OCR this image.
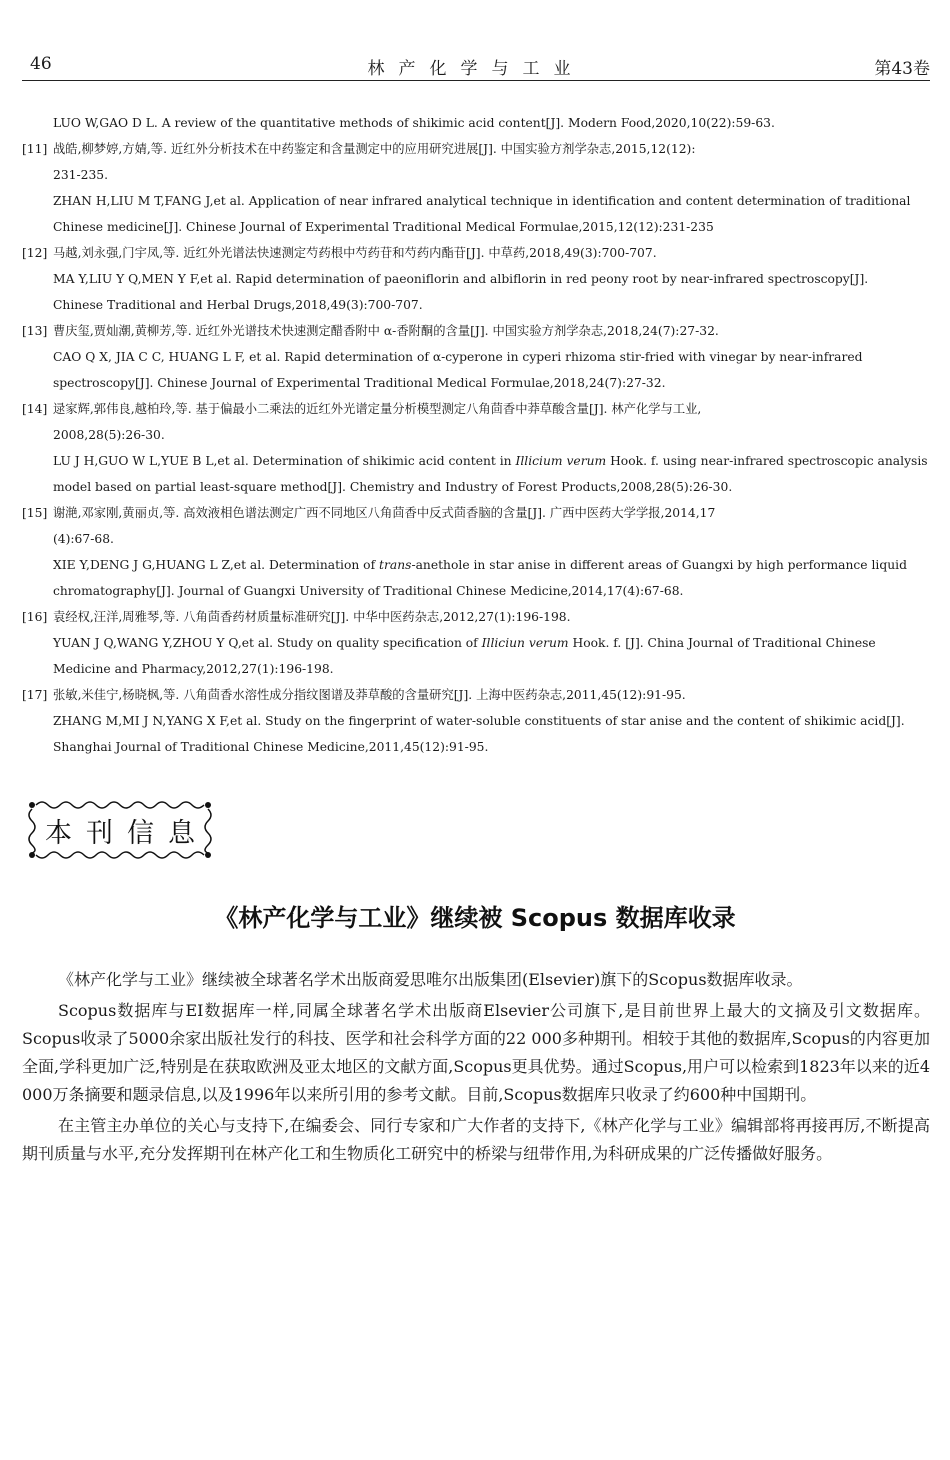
46	林产化学与工业	第43卷
LUO W,GAO D L. A review of the quantitative methods of shikimic acid content[J]. Modern Food,2020,10(22):59-63.
[11] 战皓,柳梦婷,方婧,等. 近红外分析技术在中药鉴定和含量测定中的应用研究进展[J]. 中国实验方剂学杂志,2015,12(12):
231-235.
ZHAN H,LIU M T,FANG J,et al. Application of near infrared analytical technique in identification and content determination of traditional
Chinese medicine[J]. Chinese Journal of Experimental Traditional Medical Formulae,2015,12(12):231-235
[12] 马越,刘永强,门宇凤,等. 近红外光谱法快速测定芍药根中芍药苷和芍药内酯苷[J]. 中草药,2018,49(3):700-707.
MA Y,LIU Y Q,MEN Y F,et al. Rapid determination of paeoniflorin and albiflorin in red peony root by near-infrared spectroscopy[J].
Chinese Traditional and Herbal Drugs,2018,49(3):700-707.
[13] 曹庆玺,贾灿潮,黄柳芳,等. 近红外光谱技术快速测定醋香附中 α-香附酮的含量[J]. 中国实验方剂学杂志,2018,24(7):27-32.
CAO Q X, JIA C C, HUANG L F, et al. Rapid determination of α-cyperone in cyperi rhizoma stir-fried with vinegar by near-infrared
spectroscopy[J]. Chinese Journal of Experimental Traditional Medical Formulae,2018,24(7):27-32.
[14] 逯家辉,郭伟良,越柏玲,等. 基于偏最小二乘法的近红外光谱定量分析模型测定八角茴香中莽草酸含量[J]. 林产化学与工业,
2008,28(5):26-30.
LU J H,GUO W L,YUE B L,et al. Determination of shikimic acid content in Illicium verum Hook. f. using near-infrared spectroscopic analysis
model based on partial least-square method[J]. Chemistry and Industry of Forest Products,2008,28(5):26-30.
[15] 谢滟,邓家刚,黄丽贞,等. 高效液相色谱法测定广西不同地区八角茴香中反式茴香脑的含量[J]. 广西中医药大学学报,2014,17
(4):67-68.
XIE Y,DENG J G,HUANG L Z,et al. Determination of trans-anethole in star anise in different areas of Guangxi by high performance liquid
chromatography[J]. Journal of Guangxi University of Traditional Chinese Medicine,2014,17(4):67-68.
[16] 袁经权,汪洋,周雅琴,等. 八角茴香药材质量标准研究[J]. 中华中医药杂志,2012,27(1):196-198.
YUAN J Q,WANG Y,ZHOU Y Q,et al. Study on quality specification of Illiciun verum Hook. f. [J]. China Journal of Traditional Chinese
Medicine and Pharmacy,2012,27(1):196-198.
[17] 张敏,米佳宁,杨晓枫,等. 八角茴香水溶性成分指纹图谱及莽草酸的含量研究[J]. 上海中医药杂志,2011,45(12):91-95.
ZHANG M,MI J N,YANG X F,et al. Study on the fingerprint of water-soluble constituents of star anise and the content of shikimic acid[J].
Shanghai Journal of Traditional Chinese Medicine,2011,45(12):91-95.
本刊信息
《林产化学与工业》继续被 Scopus 数据库收录

《林产化学与工业》继续被全球著名学术出版商爱思唯尔出版集团(Elsevier)旗下的Scopus数据库收录。

Scopus数据库与EI数据库一样,同属全球著名学术出版商Elsevier公司旗下,是目前世界上最大的文摘及引文数据库。Scopus收录了5000余家出版社发行的科技、医学和社会科学方面的22 000多种期刊。相较于其他的数据库,Scopus的内容更加全面,学科更加广泛,特别是在获取欧洲及亚太地区的文献方面,Scopus更具优势。通过Scopus,用户可以检索到1823年以来的近4 000万条摘要和题录信息,以及1996年以来所引用的参考文献。目前,Scopus数据库只收录了约600种中国期刊。

在主管主办单位的关心与支持下,在编委会、同行专家和广大作者的支持下,《林产化学与工业》编辑部将再接再厉,不断提高期刊质量与水平,充分发挥期刊在林产化工和生物质化工研究中的桥梁与纽带作用,为科研成果的广泛传播做好服务。
